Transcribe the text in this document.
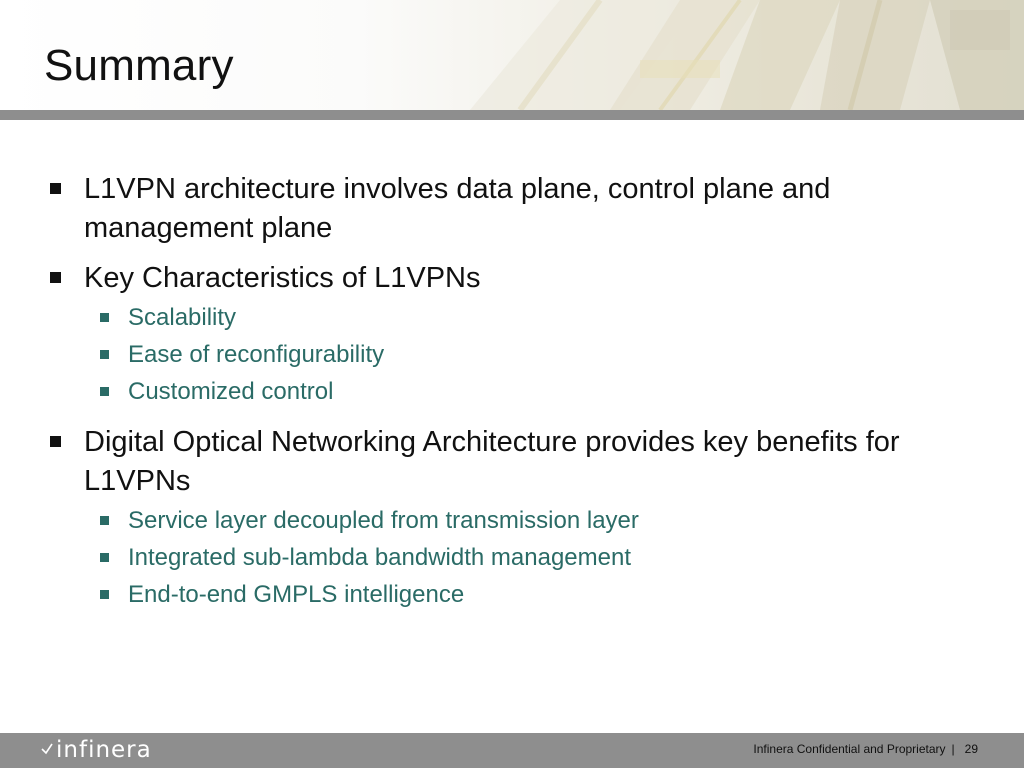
Summary
L1VPN architecture involves data plane, control plane and management plane
Key Characteristics of L1VPNs
Scalability
Ease of reconfigurability
Customized control
Digital Optical Networking Architecture provides key benefits for L1VPNs
Service layer decoupled from transmission layer
Integrated sub-lambda bandwidth management
End-to-end GMPLS intelligence
infinera	Infinera Confidential and Proprietary | 29
